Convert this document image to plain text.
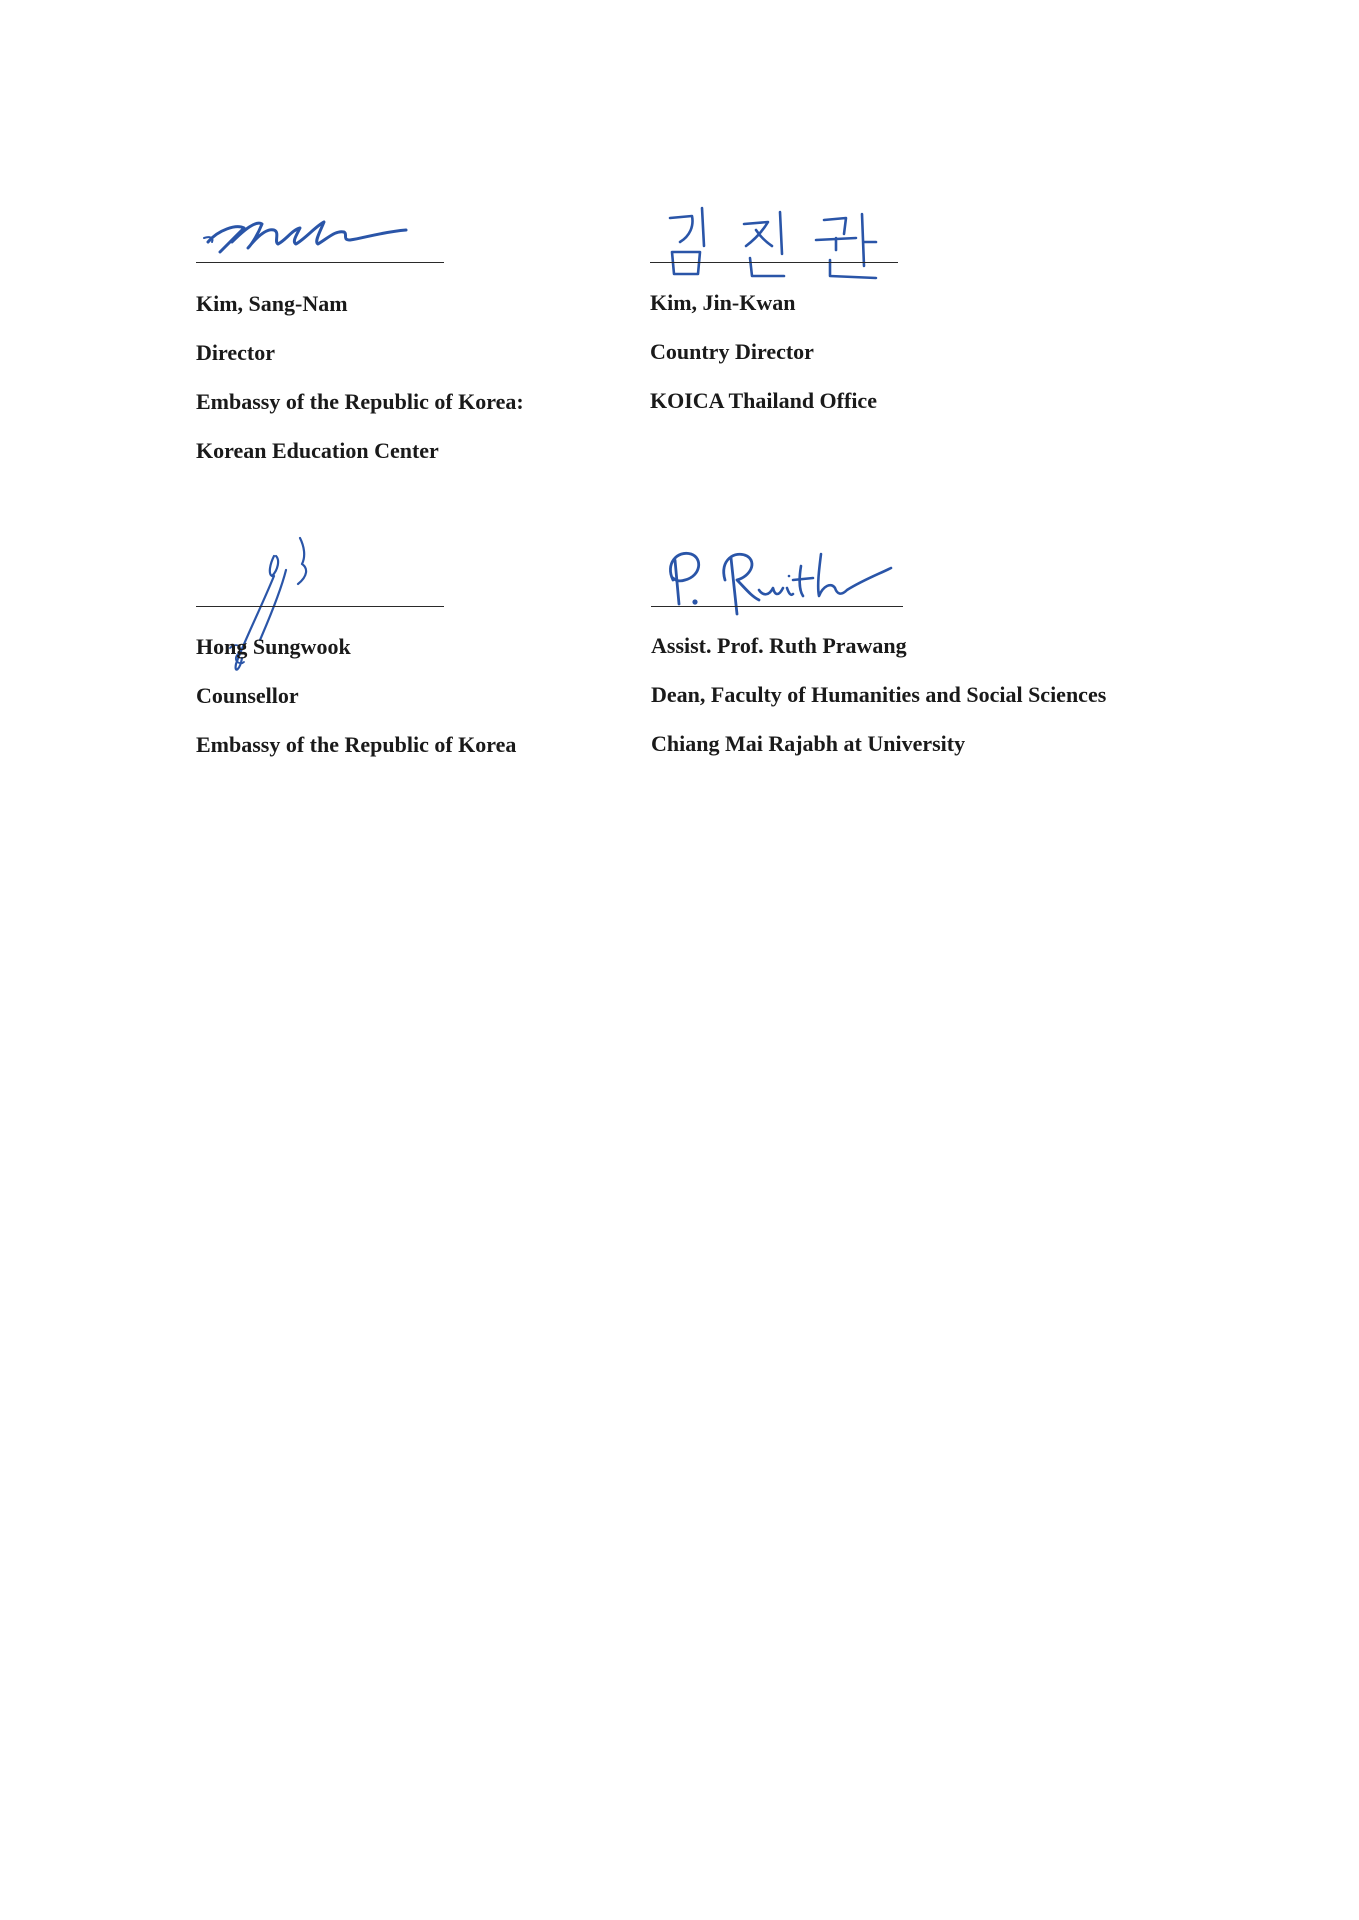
Kim, Sang-Nam
Director
Embassy of the Republic of Korea:
Korean Education Center
Kim, Jin-Kwan
Country Director
KOICA Thailand Office
Hong Sungwook
Counsellor
Embassy of the Republic of Korea
Assist. Prof. Ruth Prawang
Dean, Faculty of Humanities and Social Sciences
Chiang Mai Rajabh at University
